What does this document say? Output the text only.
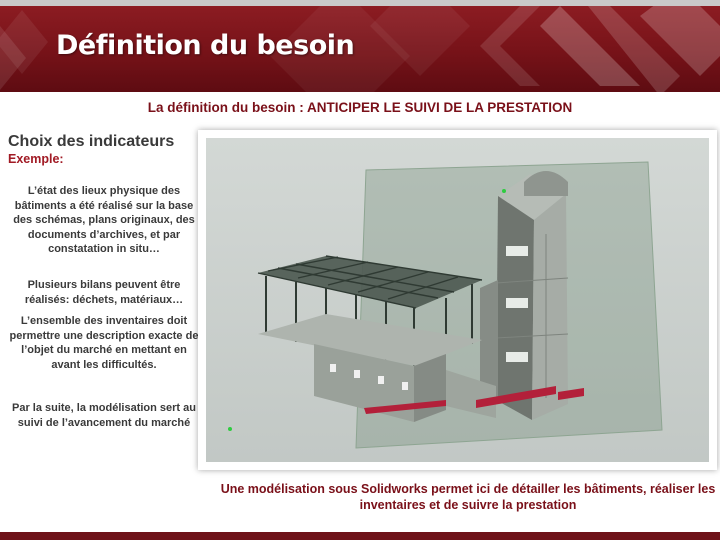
Définition du besoin
La définition du besoin : ANTICIPER LE SUIVI DE LA PRESTATION
Choix des indicateurs

Exemple:

L’état des lieux physique des bâtiments a été réalisé sur la base des schémas, plans originaux, des documents d’archives, et par constatation in situ…

Plusieurs bilans peuvent être réalisés: déchets, matériaux…

L’ensemble des inventaires doit permettre une description exacte de l’objet du marché en mettant en avant les difficultés.

Par la suite, la modélisation sert au suivi de l’avancement du marché

Une modélisation sous Solidworks permet ici de détailler les bâtiments, réaliser les inventaires et de suivre la prestation
